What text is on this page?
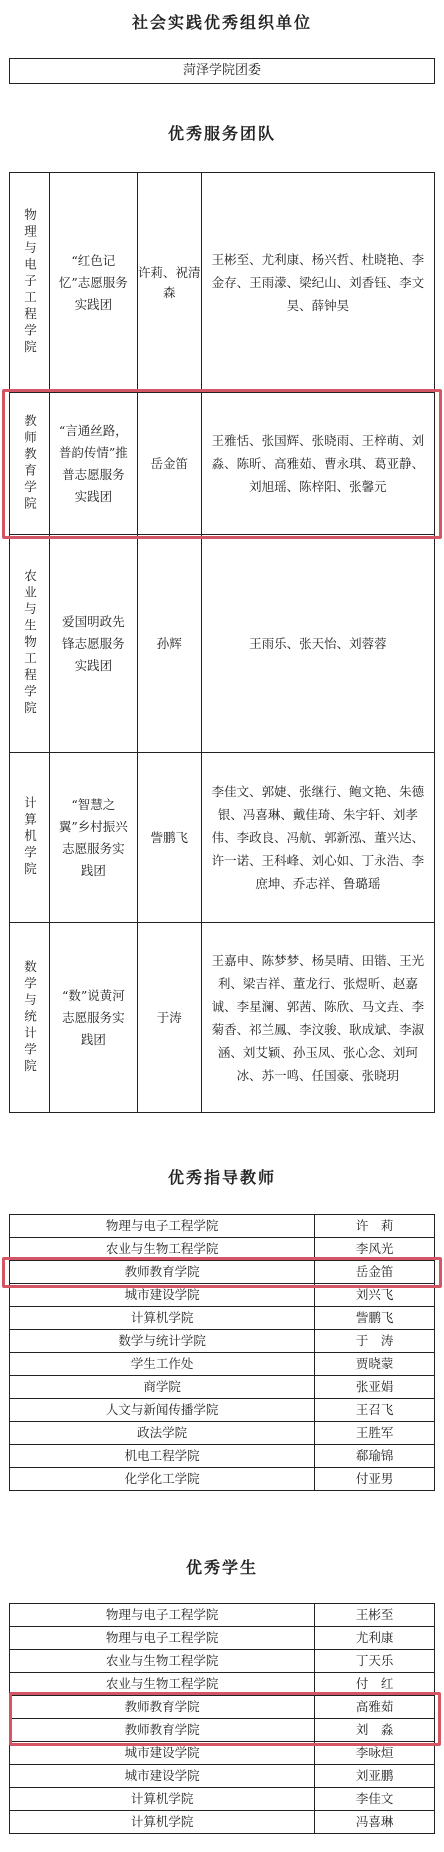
社会实践优秀组织单位
菏泽学院团委
优秀服务团队
物理与电子工程学院	“红色记忆”志愿服务实践团	许莉、祝清森	王彬至、尤利康、杨兴哲、杜晓艳、李金存、王雨濛、梁纪山、刘香钰、李文昊、薛钟昊

教师教育学院	“言通丝路，普韵传情”推普志愿服务实践团	岳金笛	王雅恬、张国辉、张晓雨、王梓萌、刘淼、陈昕、高雅茹、曹永琪、葛亚静、刘旭瑶、陈梓阳、张馨元

农业与生物工程学院	爱国明政先锋志愿服务实践团	孙辉	王雨乐、张天怡、刘蓉蓉

计算机学院	“智慧之翼”乡村振兴志愿服务实践团	訾鹏飞	李佳文、郭婕、张继行、鲍文艳、朱德银、冯喜琳、戴佳琦、朱宇轩、刘孝伟、李政良、冯航、郭新泓、董兴达、许一诺、王科峰、刘心如、丁永浩、李庶坤、乔志祥、鲁璐瑶

数学与统计学院	“数”说黄河志愿服务实践团	于涛	王嘉申、陈梦梦、杨昊晴、田锴、王光利、梁吉祥、董龙行、张煜昕、赵嘉诚、李星澜、郭茜、陈欣、马文垚、李菊香、祁兰鳳、李汶骏、耿成斌、李淑涵、刘艾颖、孙玉凤、张心念、刘珂冰、苏一鸣、任国豪、张晓玥
优秀指导教师
物理与电子工程学院	许　莉
农业与生物工程学院	李风光
教师教育学院	岳金笛
城市建设学院	刘兴飞
计算机学院	訾鹏飞
数学与统计学院	于　涛
学生工作处	贾晓蒙
商学院	张亚娟
人文与新闻传播学院	王召飞
政法学院	王胜军
机电工程学院	郗瑜锦
化学化工学院	付亚男
优秀学生
物理与电子工程学院	王彬至
物理与电子工程学院	尤利康
农业与生物工程学院	丁天乐
农业与生物工程学院	付　红
教师教育学院	高雅茹
教师教育学院	刘　淼
城市建设学院	李咏烜
城市建设学院	刘亚鹏
计算机学院	李佳文
计算机学院	冯喜琳
